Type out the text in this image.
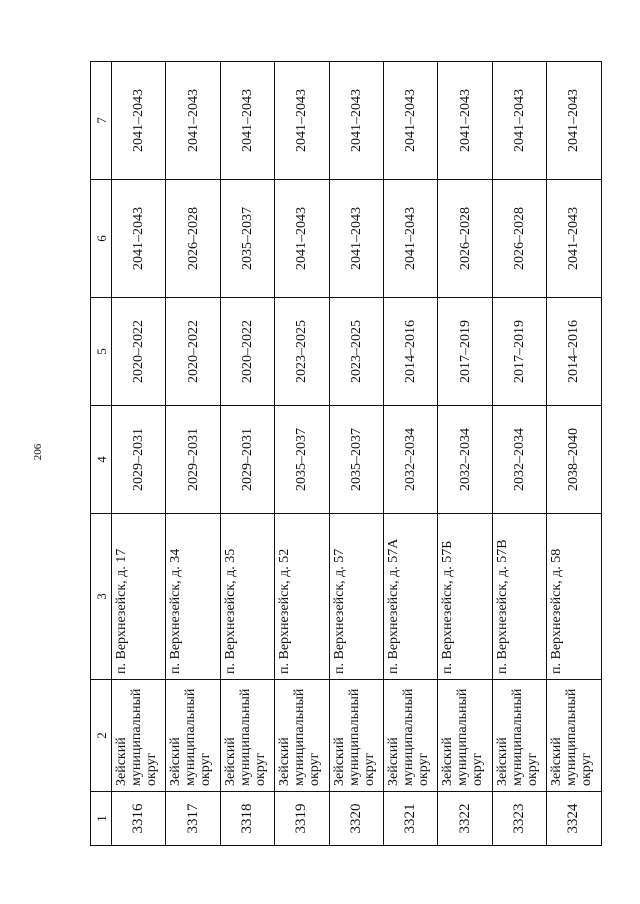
206
1	2	3	4	5	6	7
3316	Зейский муниципальный округ	п. Верхнезейск, д. 17	2029–2031	2020–2022	2041–2043	2041–2043
3317	Зейский муниципальный округ	п. Верхнезейск, д. 34	2029–2031	2020–2022	2026–2028	2041–2043
3318	Зейский муниципальный округ	п. Верхнезейск, д. 35	2029–2031	2020–2022	2035–2037	2041–2043
3319	Зейский муниципальный округ	п. Верхнезейск, д. 52	2035–2037	2023–2025	2041–2043	2041–2043
3320	Зейский муниципальный округ	п. Верхнезейск, д. 57	2035–2037	2023–2025	2041–2043	2041–2043
3321	Зейский муниципальный округ	п. Верхнезейск, д. 57А	2032–2034	2014–2016	2041–2043	2041–2043
3322	Зейский муниципальный округ	п. Верхнезейск, д. 57Б	2032–2034	2017–2019	2026–2028	2041–2043
3323	Зейский муниципальный округ	п. Верхнезейск, д. 57В	2032–2034	2017–2019	2026–2028	2041–2043
3324	Зейский муниципальный округ	п. Верхнезейск, д. 58	2038–2040	2014–2016	2041–2043	2041–2043
